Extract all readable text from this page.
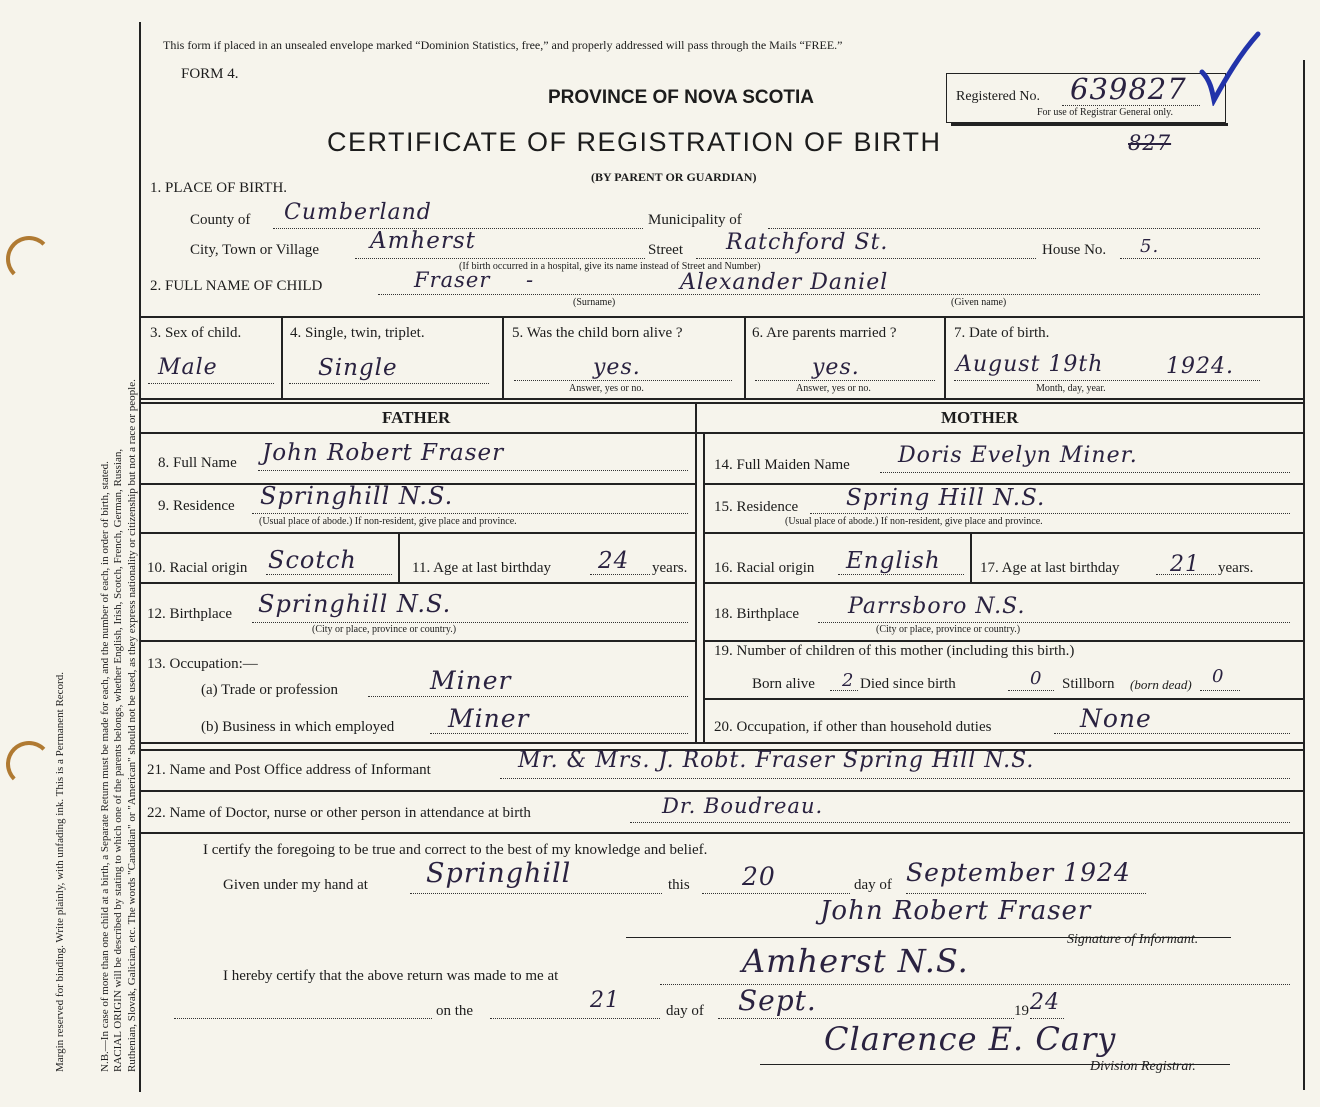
Margin reserved for binding. Write plainly, with unfading ink. This is a Permanent Record.	N.B.—In case of more than one child at a birth, a Separate Return must be made for each, and the number of each, in order of birth, stated. RACIAL ORIGIN will be described by stating to which one of the parents belongs, whether English, Irish, Scotch, French, German, Russian, Ruthenian, Slovak, Galician, etc. The words "Canadian" or "American" should not be used, as they express nationality or citizenship but not a race or people.
This form if placed in an unsealed envelope marked “Dominion Statistics, free,” and properly addressed will pass through the Mails “FREE.”
FORM 4.
PROVINCE OF NOVA SCOTIA
CERTIFICATE OF REGISTRATION OF BIRTH
(BY PARENT OR GUARDIAN)
Registered No. 639827
For use of Registrar General only.
827
1. PLACE OF BIRTH.
County of Cumberland	Municipality of
City, Town or Village Amherst	Street Ratchford St.	House No. 5.
(If birth occurred in a hospital, give its name instead of Street and Number)
2. FULL NAME OF CHILD	Fraser -
(Surname)
Alexander Daniel
(Given name)
3. Sex of child.
Male
4. Single, twin, triplet.
Single
5. Was the child born alive ?
yes.
Answer, yes or no.
6. Are parents married ?
yes.
Answer, yes or no.
7. Date of birth.
August 19th	1924.
Month, day, year.
FATHER	MOTHER
8. Full Name John Robert Fraser
9. Residence Springhill N.S.
(Usual place of abode.) If non-resident, give place and province.
10. Racial origin Scotch	11. Age at last birthday 24 years.
12. Birthplace Springhill N.S.
(City or place, province or country.)
13. Occupation:—
(a) Trade or profession	Miner
(b) Business in which employed Miner
14. Full Maiden Name Doris Evelyn Miner.
15. Residence Spring Hill N.S.
(Usual place of abode.) If non-resident, give place and province.
16. Racial origin English	17. Age at last birthday 21 years.
18. Birthplace Parrsboro N.S.
(City or place, province or country.)
19. Number of children of this mother (including this birth.)
Born alive 2 Died since birth	0 Stillborn (born dead) 0
20. Occupation, if other than household duties	None
21. Name and Post Office address of Informant	Mr. & Mrs. J. Robt. Fraser Spring Hill N.S.
22. Name of Doctor, nurse or other person in attendance at birth	Dr. Boudreau.
I certify the foregoing to be true and correct to the best of my knowledge and belief.
Given under my hand at Springhill	this 20	day of September 1924
John Robert Fraser
Signature of Informant.
I hereby certify that the above return was made to me at	Amherst N.S.
on the	21	day of Sept.	19 24
Clarence E. Cary
Division Registrar.
